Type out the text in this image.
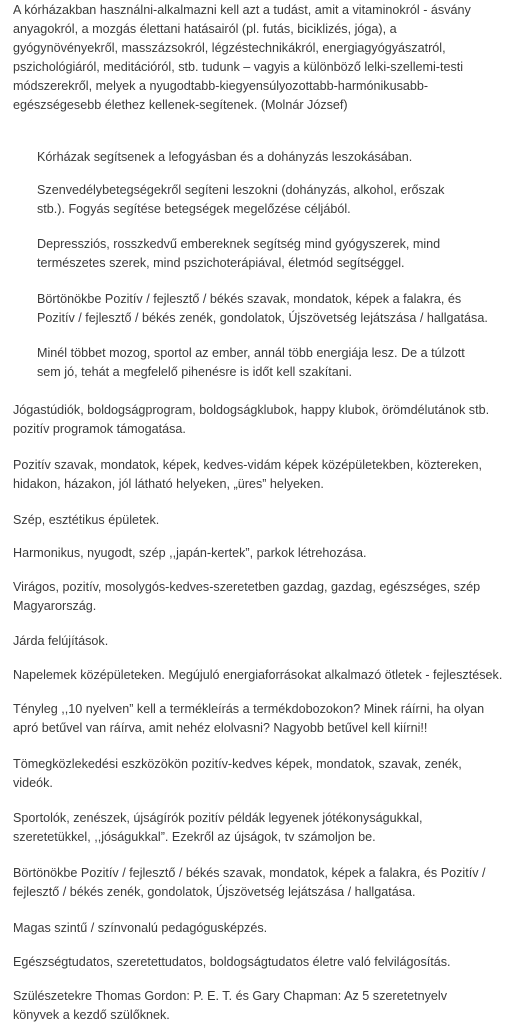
A kórházakban használni-alkalmazni kell azt a tudást, amit a vitaminokról - ásvány
anyagokról, a mozgás élettani hatásairól (pl. futás, biciklizés, jóga), a
gyógynövényekről, masszázsokról, légzéstechnikákról, energiagyógyászatról,
pszichológiáról, meditációról, stb. tudunk – vagyis a különböző lelki-szellemi-testi
módszerekről, melyek a nyugodtabb-kiegyensúlyozottabb-harmónikusabb-
egészségesebb élethez kellenek-segítenek. (Molnár József)

Kórházak segítsenek a lefogyásban és a dohányzás leszokásában.

Szenvedélybetegségekről segíteni leszokni (dohányzás, alkohol, erőszak
stb.). Fogyás segítése betegségek megelőzése céljából.

Depressziós, rosszkedvű embereknek segítség mind gyógyszerek, mind
természetes szerek, mind pszichoterápiával, életmód segítséggel.

Börtönökbe Pozitív / fejlesztő / békés szavak, mondatok, képek a falakra, és
Pozitív / fejlesztő / békés zenék, gondolatok, Újszövetség lejátszása / hallgatása.

Minél többet mozog, sportol az ember, annál több energiája lesz. De a túlzott
sem jó, tehát a megfelelő pihenésre is időt kell szakítani.

Jógastúdiók, boldogságprogram, boldogságklubok, happy klubok, örömdélutánok stb.
pozitív programok támogatása.

Pozitív szavak, mondatok, képek, kedves-vidám képek középületekben, köztereken,
hidakon, házakon, jól látható helyeken, „üres” helyeken.

Szép, esztétikus épületek.

Harmonikus, nyugodt, szép ,,japán-kertek”, parkok létrehozása.

Virágos, pozitív, mosolygós-kedves-szeretetben gazdag, gazdag, egészséges, szép
Magyarország.

Járda felújítások.

Napelemek középületeken. Megújuló energiaforrásokat alkalmazó ötletek - fejlesztések.

Tényleg ,,10 nyelven” kell a termékleírás a termékdobozokon? Minek ráírni, ha olyan
apró betűvel van ráírva, amit nehéz elolvasni? Nagyobb betűvel kell kiírni!!

Tömegközlekedési eszközökön pozitív-kedves képek, mondatok, szavak, zenék,
videók.

Sportolók, zenészek, újságírók pozitív példák legyenek jótékonyságukkal,
szeretetükkel, ,,jóságukkal”. Ezekről az újságok, tv számoljon be.

Börtönökbe Pozitív / fejlesztő / békés szavak, mondatok, képek a falakra, és Pozitív /
fejlesztő / békés zenék, gondolatok, Újszövetség lejátszása / hallgatása.

Magas szintű / színvonalú pedagógusképzés.

Egészségtudatos, szeretettudatos, boldogságtudatos életre való felvilágosítás.

Szülészetekre Thomas Gordon: P. E. T. és Gary Chapman: Az 5 szeretetnyelv
könyvek a kezdő szülőknek.
